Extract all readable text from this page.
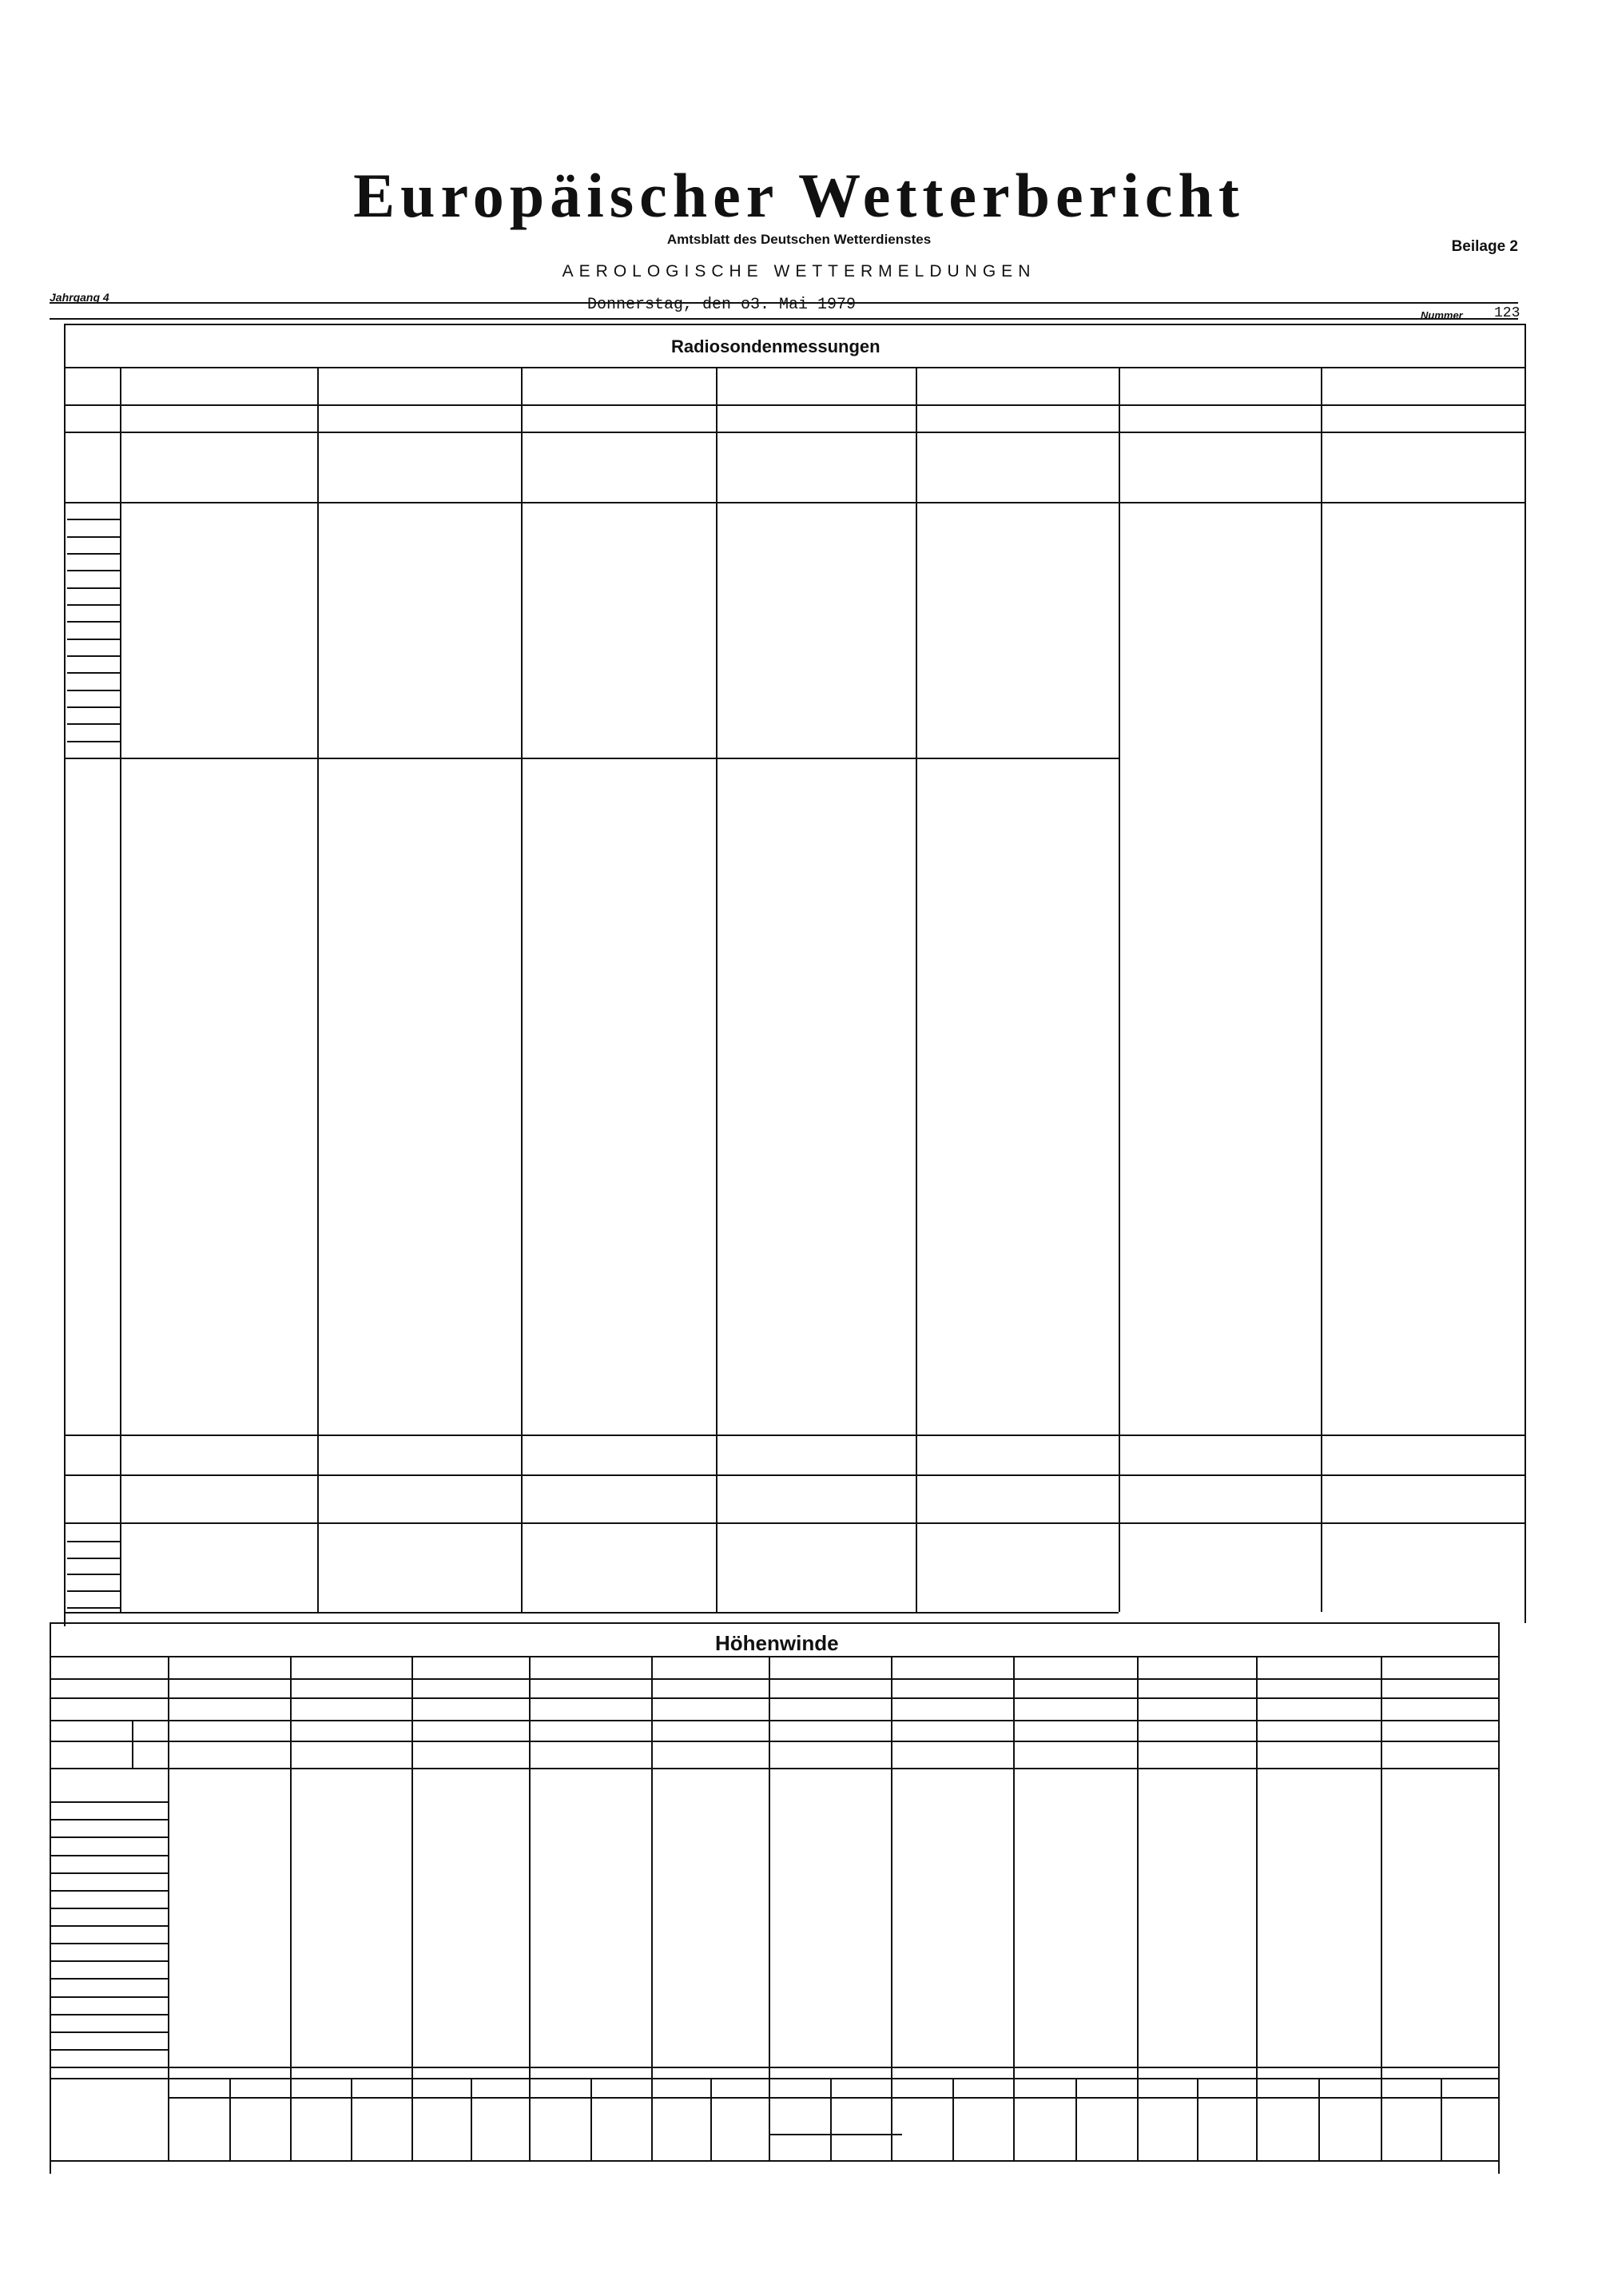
Europäischer Wetterbericht
Amtsblatt des Deutschen Wetterdienstes
AEROLOGISCHE WETTERMELDUNGEN
Beilage 2
Jahrgang 4	Donnerstag, den o3. Mai 1979
Nummer 123
Radiosondenmessungen
Höhenwinde
